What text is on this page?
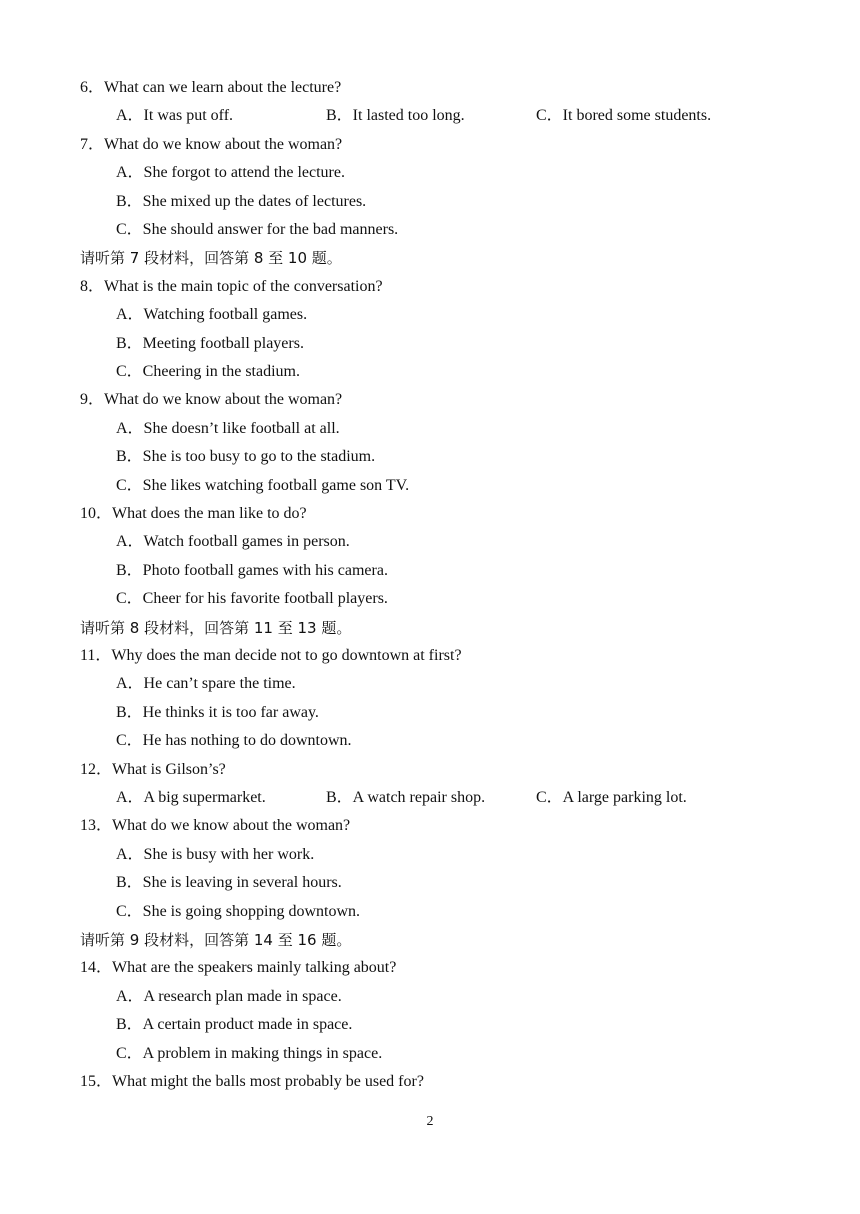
6．What can we learn about the lecture?
A．It was put off.	B．It lasted too long.	C．It bored some students.
7．What do we know about the woman?
A．She forgot to attend the lecture.
B．She mixed up the dates of lectures.
C．She should answer for the bad manners.
请听第 7 段材料，回答第 8 至 10 题。
8．What is the main topic of the conversation?
A．Watching football games.
B．Meeting football players.
C．Cheering in the stadium.
9．What do we know about the woman?
A．She doesn’t like football at all.
B．She is too busy to go to the stadium.
C．She likes watching football game son TV.
10．What does the man like to do?
A．Watch football games in person.
B．Photo football games with his camera.
C．Cheer for his favorite football players.
请听第 8 段材料，回答第 11 至 13 题。
11．Why does the man decide not to go downtown at first?
A．He can’t spare the time.
B．He thinks it is too far away.
C．He has nothing to do downtown.
12．What is Gilson’s?
A．A big supermarket.	B．A watch repair shop.	C．A large parking lot.
13．What do we know about the woman?
A．She is busy with her work.
B．She is leaving in several hours.
C．She is going shopping downtown.
请听第 9 段材料，回答第 14 至 16 题。
14．What are the speakers mainly talking about?
A．A research plan made in space.
B．A certain product made in space.
C．A problem in making things in space.
15．What might the balls most probably be used for?
2
